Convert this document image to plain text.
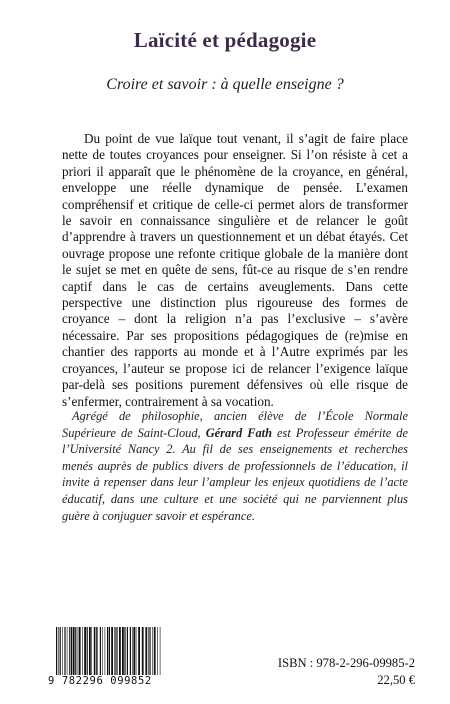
Laïcité et pédagogie
Croire et savoir : à quelle enseigne ?

Du point de vue laïque tout venant, il s’agit de faire place nette de toutes croyances pour enseigner. Si l’on résiste à cet a priori il apparaît que le phénomène de la croyance, en général, enveloppe une réelle dynamique de pensée. L’examen compréhensif et critique de celle-ci permet alors de transformer le savoir en connaissance singulière et de relancer le goût d’apprendre à travers un questionnement et un débat étayés. Cet ouvrage propose une refonte critique globale de la manière dont le sujet se met en quête de sens, fût-ce au risque de s’en rendre captif dans le cas de certains aveuglements. Dans cette perspective une distinction plus rigoureuse des formes de croyance – dont la religion n’a pas l’exclusive – s’avère nécessaire. Par ses propositions pédagogiques de (re)mise en chantier des rapports au monde et à l’Autre exprimés par les croyances, l’auteur se propose ici de relancer l’exigence laïque par-delà ses positions purement défensives où elle risque de s’enfermer, contrairement à sa vocation.

Agrégé de philosophie, ancien élève de l’École Normale Supérieure de Saint-Cloud, Gérard Fath est Professeur émérite de l’Université Nancy 2. Au fil de ses enseignements et recherches menés auprès de publics divers de professionnels de l’éducation, il invite à repenser dans leur l’ampleur les enjeux quotidiens de l’acte éducatif, dans une culture et une société qui ne parviennent plus guère à conjuguer savoir et espérance.

9 782296 099852
ISBN : 978-2-296-09985-2
22,50 €
